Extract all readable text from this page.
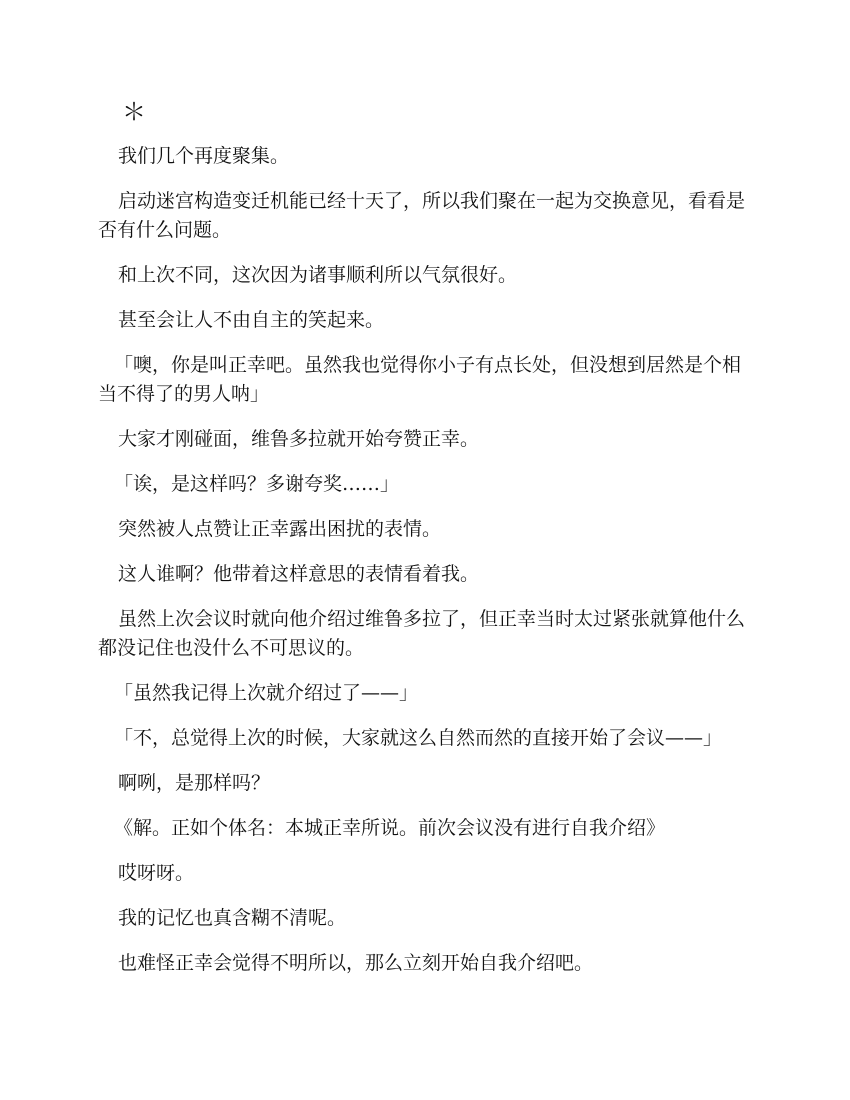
＊

我们几个再度聚集。

启动迷宫构造变迁机能已经十天了，所以我们聚在一起为交换意见，看看是否有什么问题。

和上次不同，这次因为诸事顺利所以气氛很好。

甚至会让人不由自主的笑起来。

「噢，你是叫正幸吧。虽然我也觉得你小子有点长处，但没想到居然是个相当不得了的男人呐」

大家才刚碰面，维鲁多拉就开始夸赞正幸。

「诶，是这样吗？多谢夸奖……」

突然被人点赞让正幸露出困扰的表情。

这人谁啊？他带着这样意思的表情看着我。

虽然上次会议时就向他介绍过维鲁多拉了，但正幸当时太过紧张就算他什么都没记住也没什么不可思议的。

「虽然我记得上次就介绍过了——」

「不，总觉得上次的时候，大家就这么自然而然的直接开始了会议——」

啊咧，是那样吗？

《解。正如个体名：本城正幸所说。前次会议没有进行自我介绍》

哎呀呀。

我的记忆也真含糊不清呢。

也难怪正幸会觉得不明所以，那么立刻开始自我介绍吧。
